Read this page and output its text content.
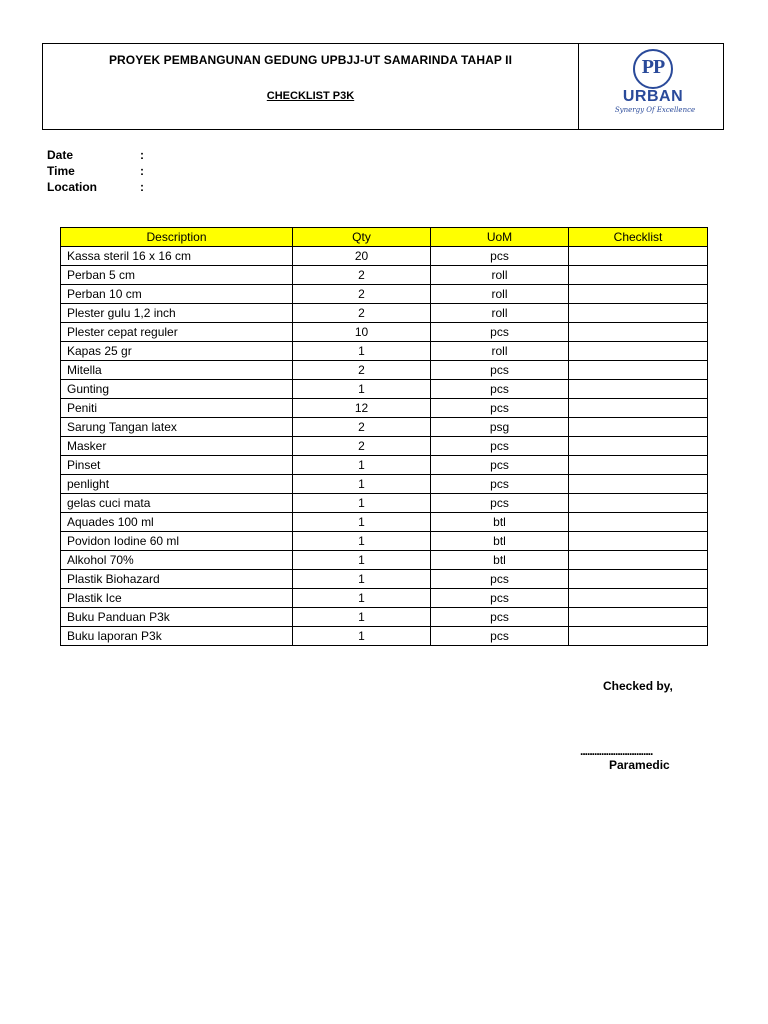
PROYEK PEMBANGUNAN GEDUNG UPBJJ-UT SAMARINDA TAHAP II
CHECKLIST P3K
PP
URBAN
Synergy Of Excellence
Date	:
Time	:
Location	:
Description	Qty	UoM	Checklist
Kassa steril 16 x 16 cm	20	pcs	
Perban 5 cm	2	roll	
Perban 10 cm	2	roll	
Plester gulu 1,2 inch	2	roll	
Plester cepat reguler	10	pcs	
Kapas 25 gr	1	roll	
Mitella	2	pcs	
Gunting	1	pcs	
Peniti	12	pcs	
Sarung Tangan latex	2	psg	
Masker	2	pcs	
Pinset	1	pcs	
penlight	1	pcs	
gelas cuci mata	1	pcs	
Aquades 100 ml	1	btl	
Povidon Iodine 60 ml	1	btl	
Alkohol 70%	1	btl	
Plastik Biohazard	1	pcs	
Plastik Ice	1	pcs	
Buku Panduan P3k	1	pcs	
Buku laporan P3k	1	pcs	
Checked by,
...............................
Paramedic
